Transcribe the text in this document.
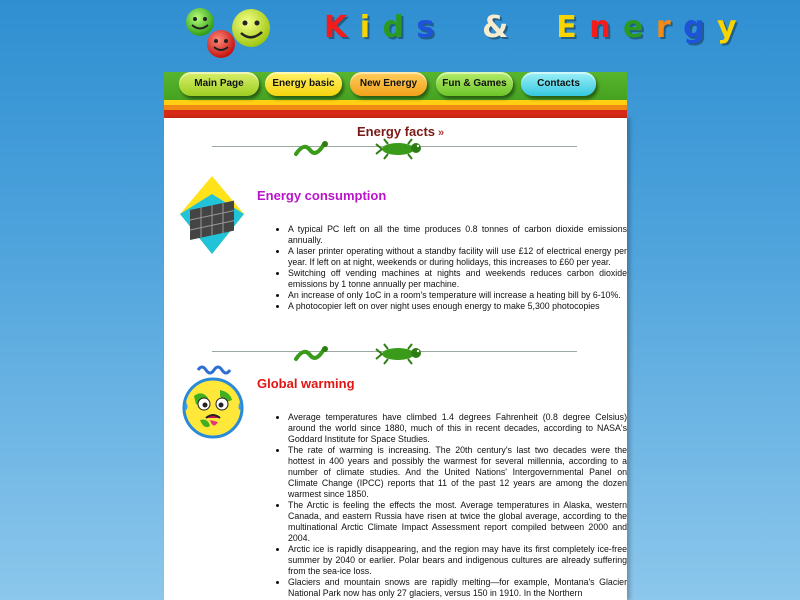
K i d s & E n e r g y
Main Page	Energy basic	New Energy	Fun & Games	Contacts
Energy facts »
Energy consumption
• A typical PC left on all the time produces 0.8 tonnes of carbon dioxide emissions annually.
• A laser printer operating without a standby facility will use £12 of electrical energy per year. If left on at night, weekends or during holidays, this increases to £60 per year.
• Switching off vending machines at nights and weekends reduces carbon dioxide emissions by 1 tonne annually per machine.
• An increase of only 1oC in a room's temperature will increase a heating bill by 6-10%.
• A photocopier left on over night uses enough energy to make 5,300 photocopies
Global warming
• Average temperatures have climbed 1.4 degrees Fahrenheit (0.8 degree Celsius) around the world since 1880, much of this in recent decades, according to NASA's Goddard Institute for Space Studies.
• The rate of warming is increasing. The 20th century's last two decades were the hottest in 400 years and possibly the warmest for several millennia, according to a number of climate studies. And the United Nations' Intergovernmental Panel on Climate Change (IPCC) reports that 11 of the past 12 years are among the dozen warmest since 1850.
• The Arctic is feeling the effects the most. Average temperatures in Alaska, western Canada, and eastern Russia have risen at twice the global average, according to the multinational Arctic Climate Impact Assessment report compiled between 2000 and 2004.
• Arctic ice is rapidly disappearing, and the region may have its first completely ice-free summer by 2040 or earlier. Polar bears and indigenous cultures are already suffering from the sea-ice loss.
• Glaciers and mountain snows are rapidly melting—for example, Montana's Glacier National Park now has only 27 glaciers, versus 150 in 1910. In the Northern
